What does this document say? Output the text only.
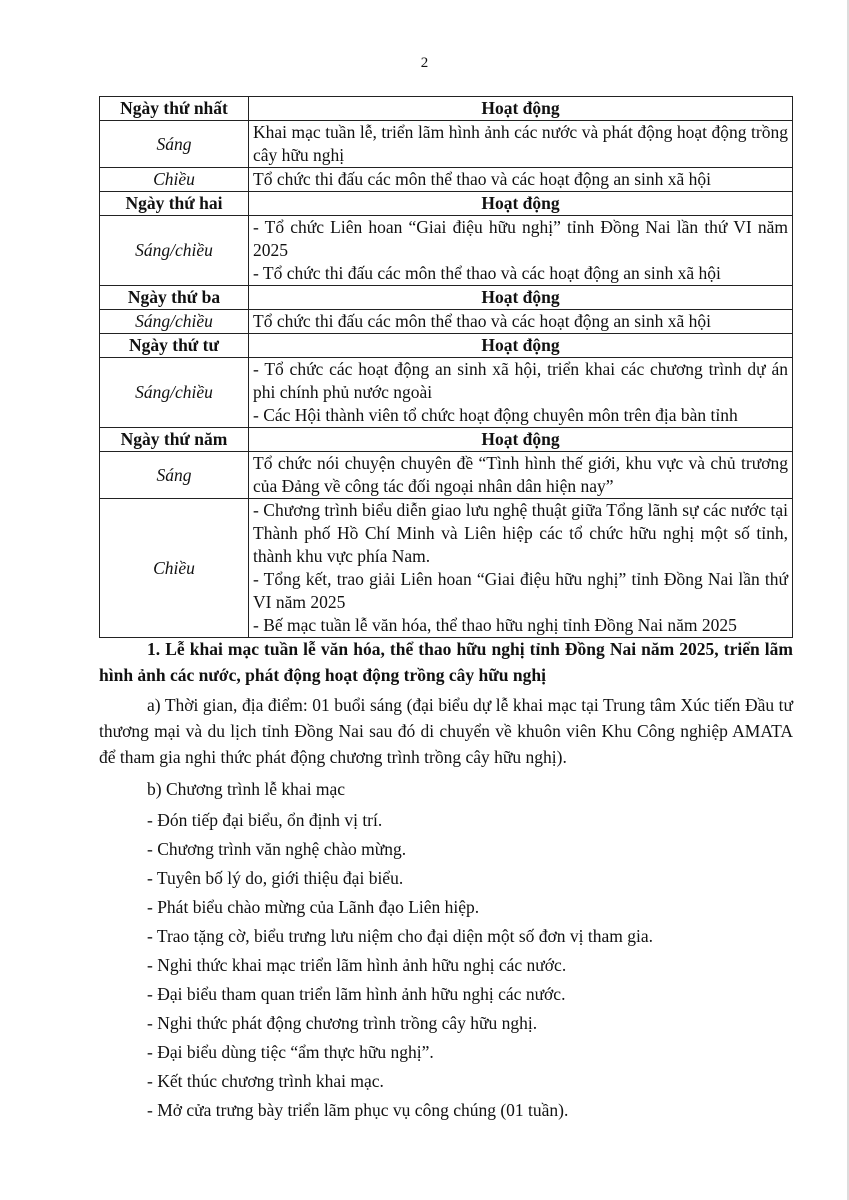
2
Ngày thứ nhất	Hoạt động
Sáng	Khai mạc tuần lễ, triển lãm hình ảnh các nước và phát động hoạt động trồng cây hữu nghị

Chiều	Tổ chức thi đấu các môn thể thao và các hoạt động an sinh xã hội

Ngày thứ hai	Hoạt động
Sáng/chiều	- Tổ chức Liên hoan “Giai điệu hữu nghị” tỉnh Đồng Nai lần thứ VI năm 2025
- Tổ chức thi đấu các môn thể thao và các hoạt động an sinh xã hội

Ngày thứ ba	Hoạt động
Sáng/chiều	Tổ chức thi đấu các môn thể thao và các hoạt động an sinh xã hội

Ngày thứ tư	Hoạt động
Sáng/chiều	- Tổ chức các hoạt động an sinh xã hội, triển khai các chương trình dự án phi chính phủ nước ngoài
- Các Hội thành viên tổ chức hoạt động chuyên môn trên địa bàn tỉnh

Ngày thứ năm	Hoạt động
Sáng	Tổ chức nói chuyện chuyên đề “Tình hình thế giới, khu vực và chủ trương của Đảng về công tác đối ngoại nhân dân hiện nay”

Chiều	- Chương trình biểu diễn giao lưu nghệ thuật giữa Tổng lãnh sự các nước tại Thành phố Hồ Chí Minh và Liên hiệp các tổ chức hữu nghị một số tỉnh, thành khu vực phía Nam.
- Tổng kết, trao giải Liên hoan “Giai điệu hữu nghị” tỉnh Đồng Nai lần thứ VI năm 2025
- Bế mạc tuần lễ văn hóa, thể thao hữu nghị tỉnh Đồng Nai năm 2025

1. Lễ khai mạc tuần lễ văn hóa, thể thao hữu nghị tỉnh Đồng Nai năm 2025, triển lãm hình ảnh các nước, phát động hoạt động trồng cây hữu nghị

a) Thời gian, địa điểm: 01 buổi sáng (đại biểu dự lễ khai mạc tại Trung tâm Xúc tiến Đầu tư thương mại và du lịch tỉnh Đồng Nai sau đó di chuyển về khuôn viên Khu Công nghiệp AMATA để tham gia nghi thức phát động chương trình trồng cây hữu nghị).

b) Chương trình lễ khai mạc

- Đón tiếp đại biểu, ổn định vị trí.
- Chương trình văn nghệ chào mừng.
- Tuyên bố lý do, giới thiệu đại biểu.
- Phát biểu chào mừng của Lãnh đạo Liên hiệp.
- Trao tặng cờ, biểu trưng lưu niệm cho đại diện một số đơn vị tham gia.
- Nghi thức khai mạc triển lãm hình ảnh hữu nghị các nước.
- Đại biểu tham quan triển lãm hình ảnh hữu nghị các nước.
- Nghi thức phát động chương trình trồng cây hữu nghị.
- Đại biểu dùng tiệc “ẩm thực hữu nghị”.
- Kết thúc chương trình khai mạc.
- Mở cửa trưng bày triển lãm phục vụ công chúng (01 tuần).
